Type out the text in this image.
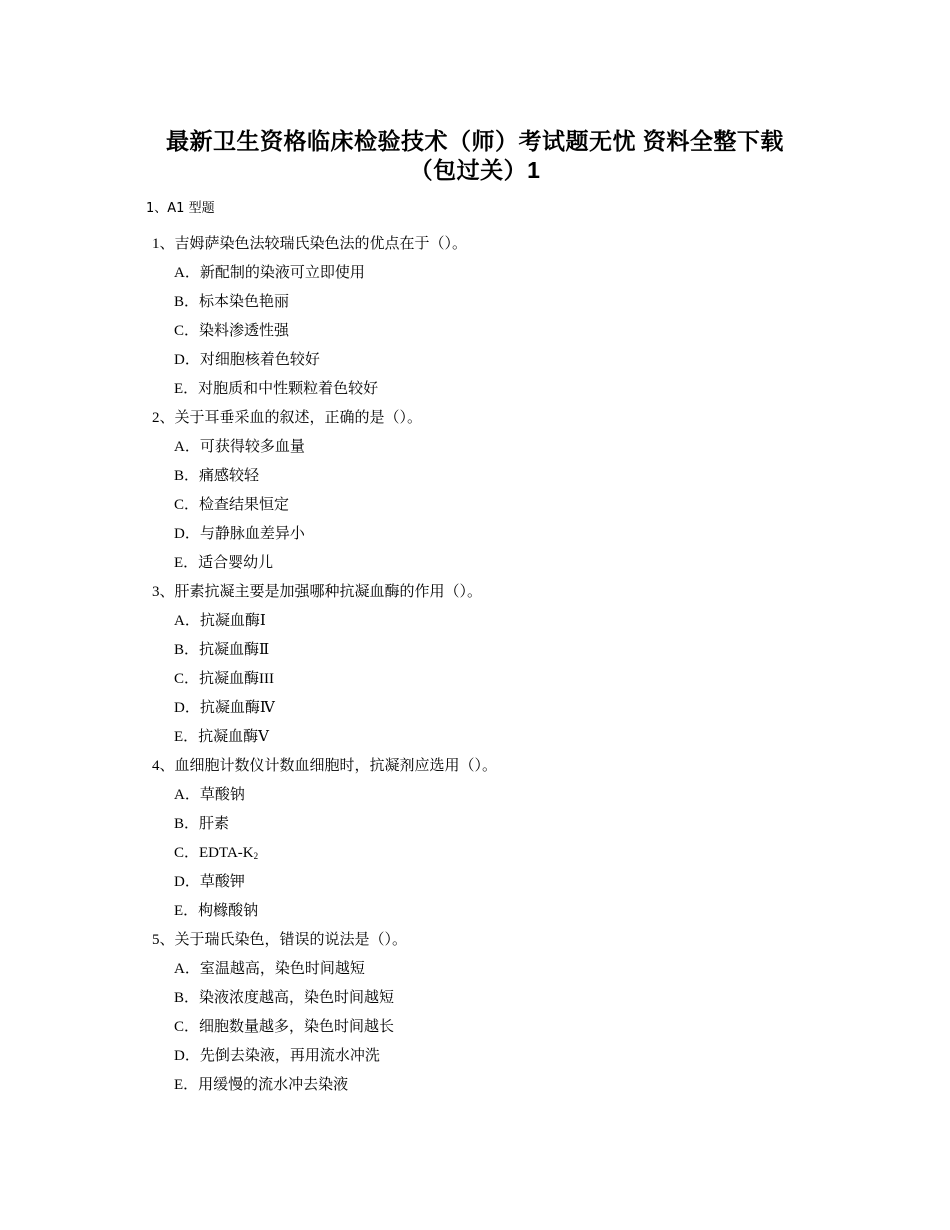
最新卫生资格临床检验技术（师）考试题无忧 资料全整下载
（包过关）1
1、A1 型题
1、吉姆萨染色法较瑞氏染色法的优点在于（）。
A．新配制的染液可立即使用
B．标本染色艳丽
C．染料渗透性强
D．对细胞核着色较好
E．对胞质和中性颗粒着色较好
2、关于耳垂采血的叙述，正确的是（）。
A．可获得较多血量
B．痛感较轻
C．检查结果恒定
D．与静脉血差异小
E．适合婴幼儿
3、肝素抗凝主要是加强哪种抗凝血酶的作用（）。
A．抗凝血酶Ⅰ
B．抗凝血酶Ⅱ
C．抗凝血酶III
D．抗凝血酶Ⅳ
E．抗凝血酶Ⅴ
4、血细胞计数仪计数血细胞时，抗凝剂应选用（）。
A．草酸钠
B．肝素
C．EDTA-$K_2$
D．草酸钾
E．枸橼酸钠
5、关于瑞氏染色，错误的说法是（）。
A．室温越高，染色时间越短
B．染液浓度越高，染色时间越短
C．细胞数量越多，染色时间越长
D．先倒去染液，再用流水冲洗
E．用缓慢的流水冲去染液
